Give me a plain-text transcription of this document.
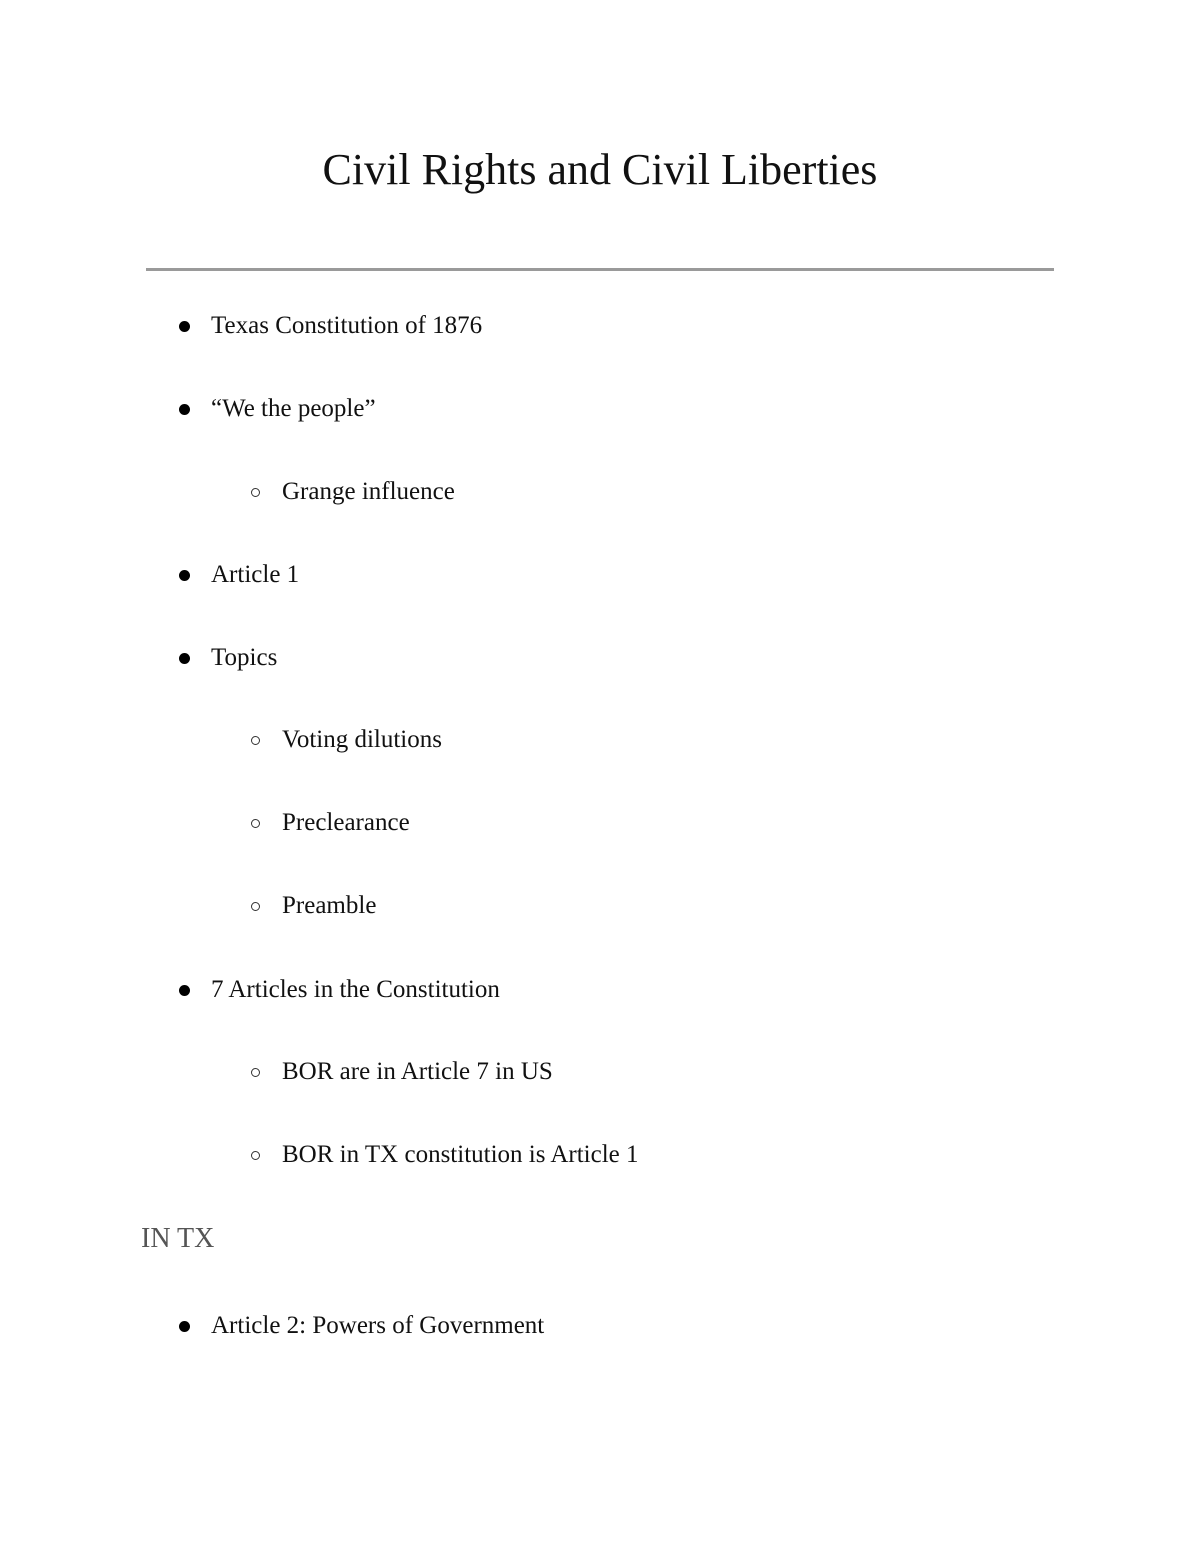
Civil Rights and Civil Liberties
Texas Constitution of 1876
“We the people”
Grange influence
Article 1
Topics
Voting dilutions
Preclearance
Preamble
7 Articles in the Constitution
BOR are in Article 7 in US
BOR in TX constitution is Article 1
IN TX
Article 2: Powers of Government
